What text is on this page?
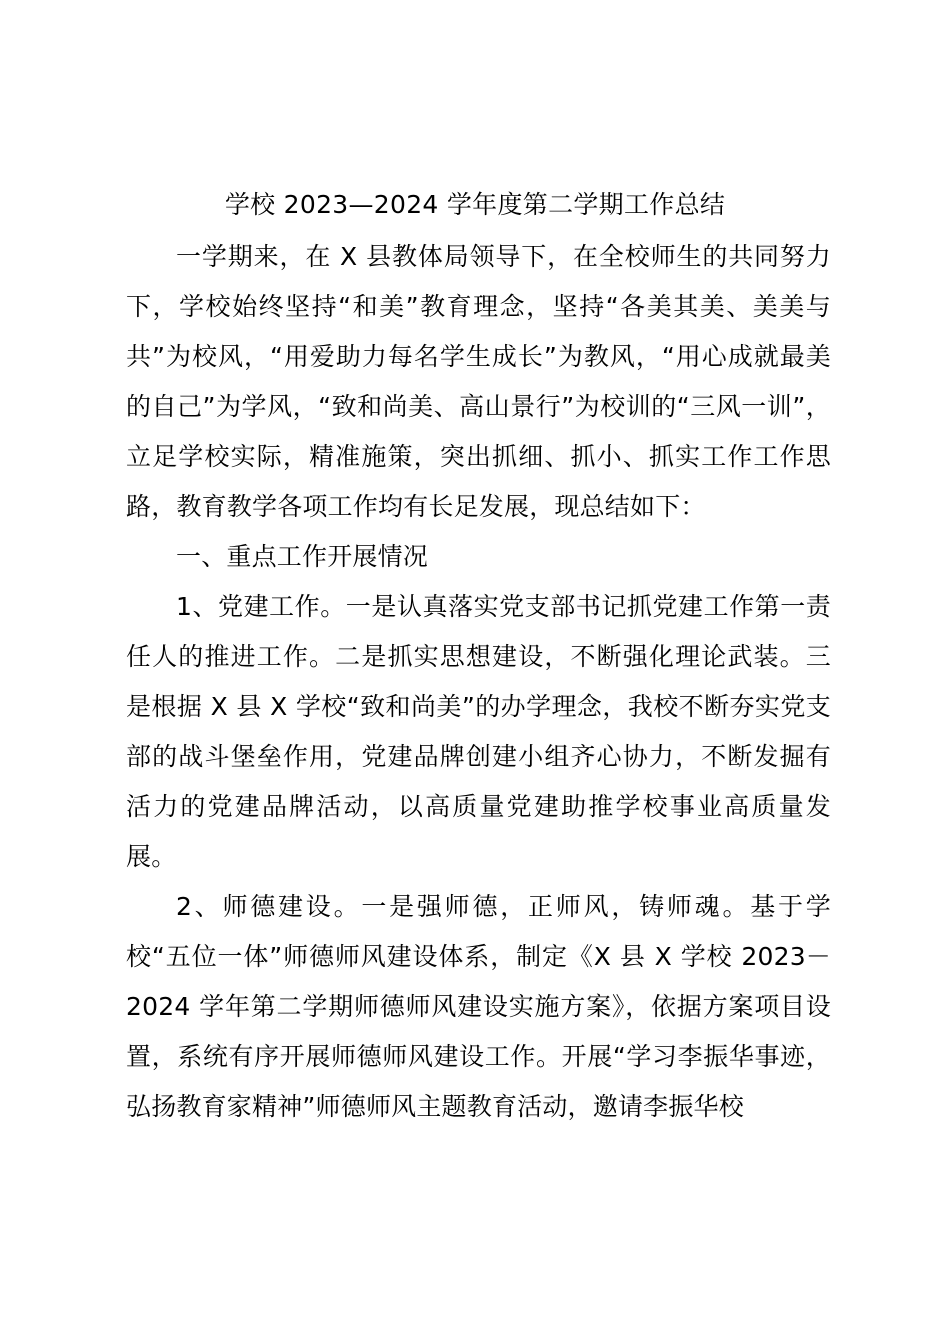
学校 2023—2024 学年度第二学期工作总结

一学期来，在 X 县教体局领导下，在全校师生的共同努力下，学校始终坚持“和美”教育理念，坚持“各美其美、美美与共”为校风，“用爱助力每名学生成长”为教风，“用心成就最美的自己”为学风，“致和尚美、高山景行”为校训的“三风一训”，立足学校实际，精准施策，突出抓细、抓小、抓实工作工作思路，教育教学各项工作均有长足发展，现总结如下：

一、重点工作开展情况

1、党建工作。一是认真落实党支部书记抓党建工作第一责任人的推进工作。二是抓实思想建设，不断强化理论武装。三是根据 X 县 X 学校“致和尚美”的办学理念，我校不断夯实党支部的战斗堡垒作用，党建品牌创建小组齐心协力，不断发掘有活力的党建品牌活动，以高质量党建助推学校事业高质量发展。

2、师德建设。一是强师德，正师风，铸师魂。基于学校“五位一体”师德师风建设体系，制定《X 县 X 学校 2023－2024 学年第二学期师德师风建设实施方案》，依据方案项目设置，系统有序开展师德师风建设工作。开展“学习李振华事迹，弘扬教育家精神”师德师风主题教育活动，邀请李振华校
